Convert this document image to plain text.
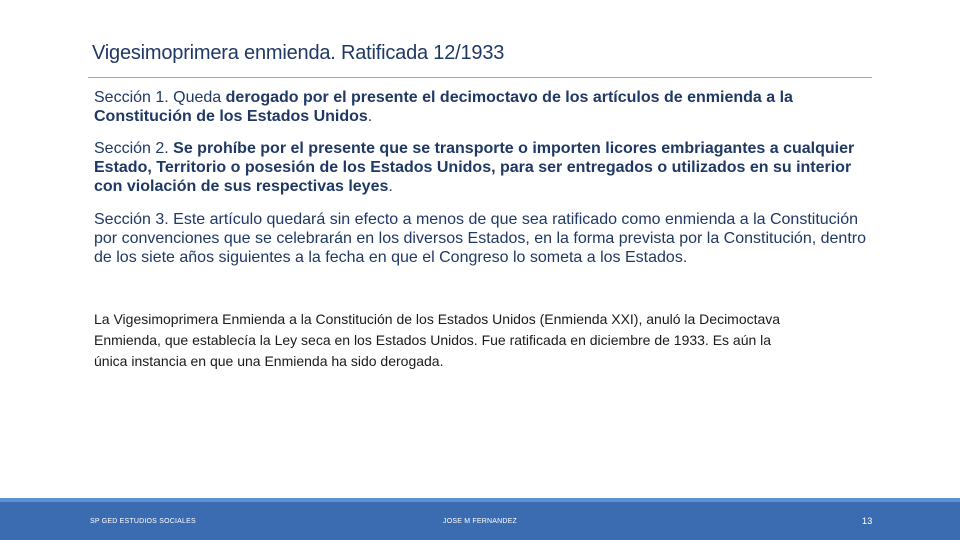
Vigesimoprimera enmienda. Ratificada 12/1933
Sección 1. Queda derogado por el presente el decimoctavo de los artículos de enmienda a la Constitución de los Estados Unidos.
Sección 2. Se prohíbe por el presente que se transporte o importen licores embriagantes a cualquier Estado, Territorio o posesión de los Estados Unidos, para ser entregados o utilizados en su interior con violación de sus respectivas leyes.
Sección 3. Este artículo quedará sin efecto a menos de que sea ratificado como enmienda a la Constitución por convenciones que se celebrarán en los diversos Estados, en la forma prevista por la Constitución, dentro de los siete años siguientes a la fecha en que el Congreso lo someta a los Estados.
La Vigesimoprimera Enmienda a la Constitución de los Estados Unidos (Enmienda XXI), anuló la Decimoctava Enmienda, que establecía la Ley seca en los Estados Unidos. Fue ratificada en diciembre de 1933. Es aún la única instancia en que una Enmienda ha sido derogada.
SP GED ESTUDIOS SOCIALES	JOSE M FERNANDEZ	13
